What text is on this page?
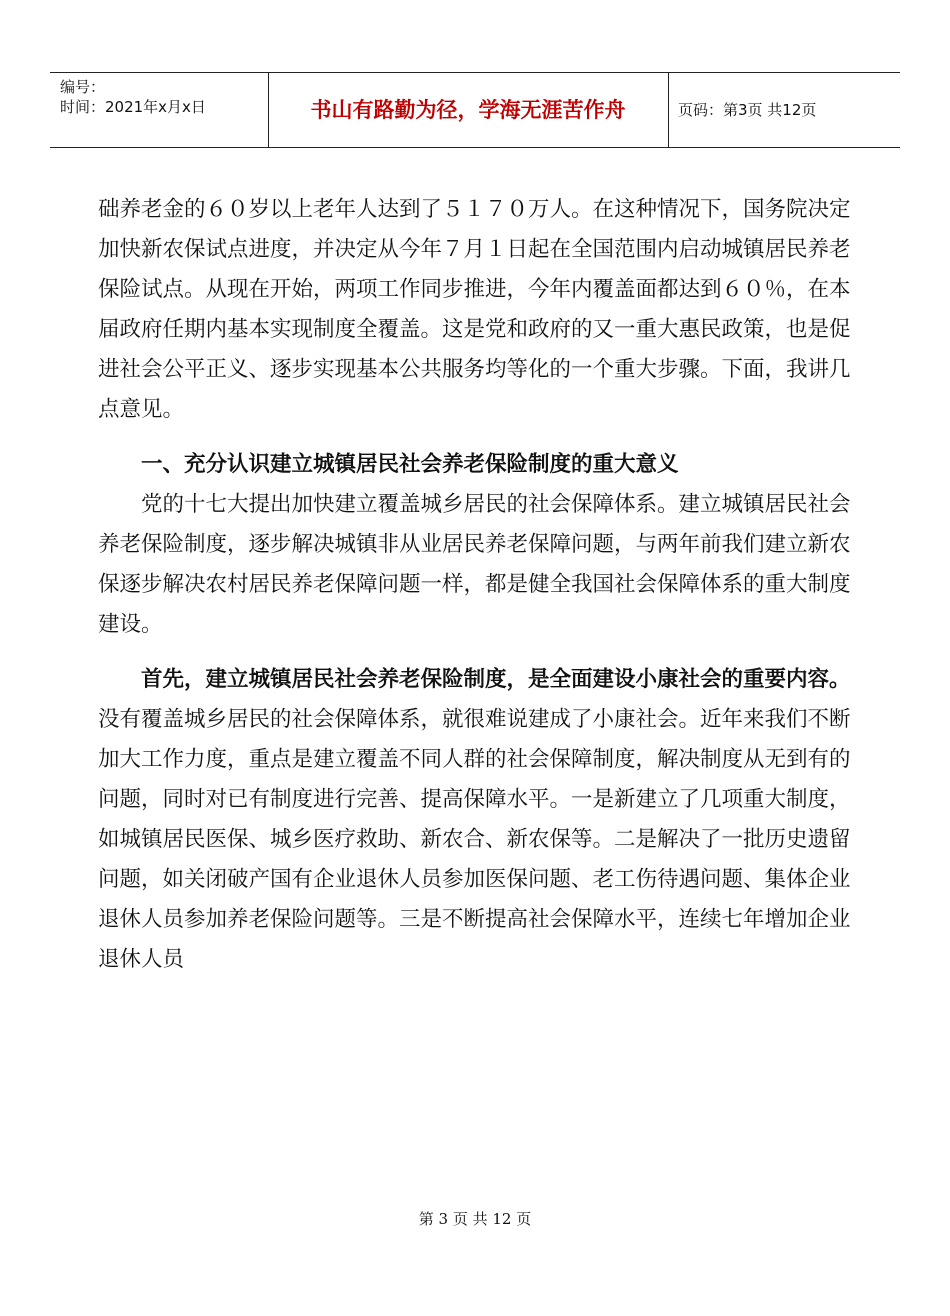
编号：
时间：2021年x月x日	书山有路勤为径，学海无涯苦作舟	页码：第3页 共12页

础养老金的６０岁以上老年人达到了５１７０万人。在这种情况下，国务院决定加快新农保试点进度，并决定从今年７月１日起在全国范围内启动城镇居民养老保险试点。从现在开始，两项工作同步推进，今年内覆盖面都达到６０％，在本届政府任期内基本实现制度全覆盖。这是党和政府的又一重大惠民政策，也是促进社会公平正义、逐步实现基本公共服务均等化的一个重大步骤。下面，我讲几点意见。

一、充分认识建立城镇居民社会养老保险制度的重大意义

党的十七大提出加快建立覆盖城乡居民的社会保障体系。建立城镇居民社会养老保险制度，逐步解决城镇非从业居民养老保障问题，与两年前我们建立新农保逐步解决农村居民养老保障问题一样，都是健全我国社会保障体系的重大制度建设。

首先，建立城镇居民社会养老保险制度，是全面建设小康社会的重要内容。没有覆盖城乡居民的社会保障体系，就很难说建成了小康社会。近年来我们不断加大工作力度，重点是建立覆盖不同人群的社会保障制度，解决制度从无到有的问题，同时对已有制度进行完善、提高保障水平。一是新建立了几项重大制度，如城镇居民医保、城乡医疗救助、新农合、新农保等。二是解决了一批历史遗留问题，如关闭破产国有企业退休人员参加医保问题、老工伤待遇问题、集体企业退休人员参加养老保险问题等。三是不断提高社会保障水平，连续七年增加企业退休人员

第 3 页 共 12 页
